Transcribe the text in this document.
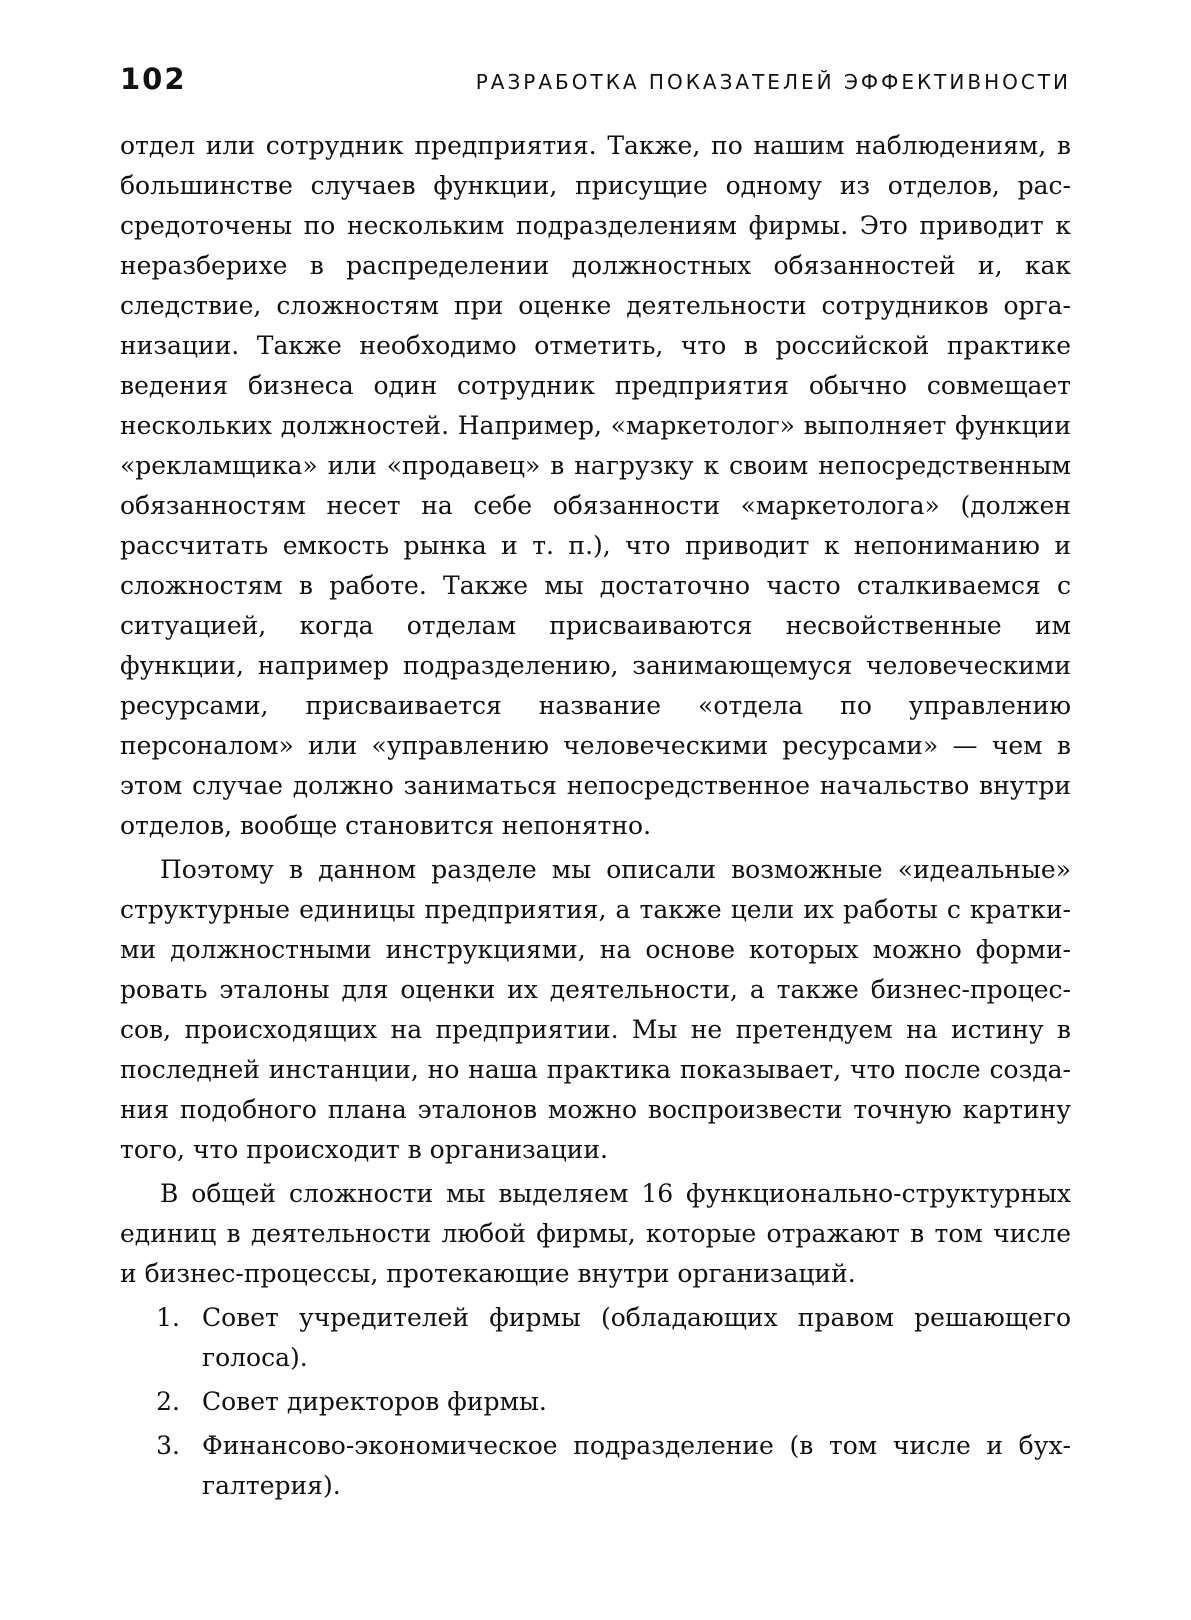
102	РАЗРАБОТКА ПОКАЗАТЕЛЕЙ ЭФФЕКТИВНОСТИ

отдел или сотрудник предприятия. Также, по нашим наблюдениям, в большинстве случаев функции, присущие одному из отделов, рассредоточены по нескольким подразделениям фирмы. Это приводит к неразберихе в распределении должностных обязанностей и, как следствие, сложностям при оценке деятельности сотрудников организации. Также необходимо отметить, что в российской практике ведения бизнеса один сотрудник предприятия обычно совмещает нескольких должностей. Например, «маркетолог» выполняет функции «рекламщика» или «продавец» в нагрузку к своим непосредственным обязанностям несет на себе обязанности «маркетолога» (должен рассчитать емкость рынка и т. п.), что приводит к непониманию и сложностям в работе. Также мы достаточно часто сталкиваемся с ситуацией, когда отделам присваиваются несвойственные им функции, например подразделению, занимающемуся человеческими ресурсами, присваивается название «отдела по управлению персоналом» или «управлению человеческими ресурсами» — чем в этом случае должно заниматься непосредственное начальство внутри отделов, вообще становится непонятно.

Поэтому в данном разделе мы описали возможные «идеальные» структурные единицы предприятия, а также цели их работы с краткими должностными инструкциями, на основе которых можно формировать эталоны для оценки их деятельности, а также бизнес-процессов, происходящих на предприятии. Мы не претендуем на истину в последней инстанции, но наша практика показывает, что после создания подобного плана эталонов можно воспроизвести точную картину того, что происходит в организации.

В общей сложности мы выделяем 16 функционально-структурных единиц в деятельности любой фирмы, которые отражают в том числе и бизнес-процессы, протекающие внутри организаций.

1. Совет учредителей фирмы (обладающих правом решающего голоса).
2. Совет директоров фирмы.
3. Финансово-экономическое подразделение (в том числе и бухгалтерия).
